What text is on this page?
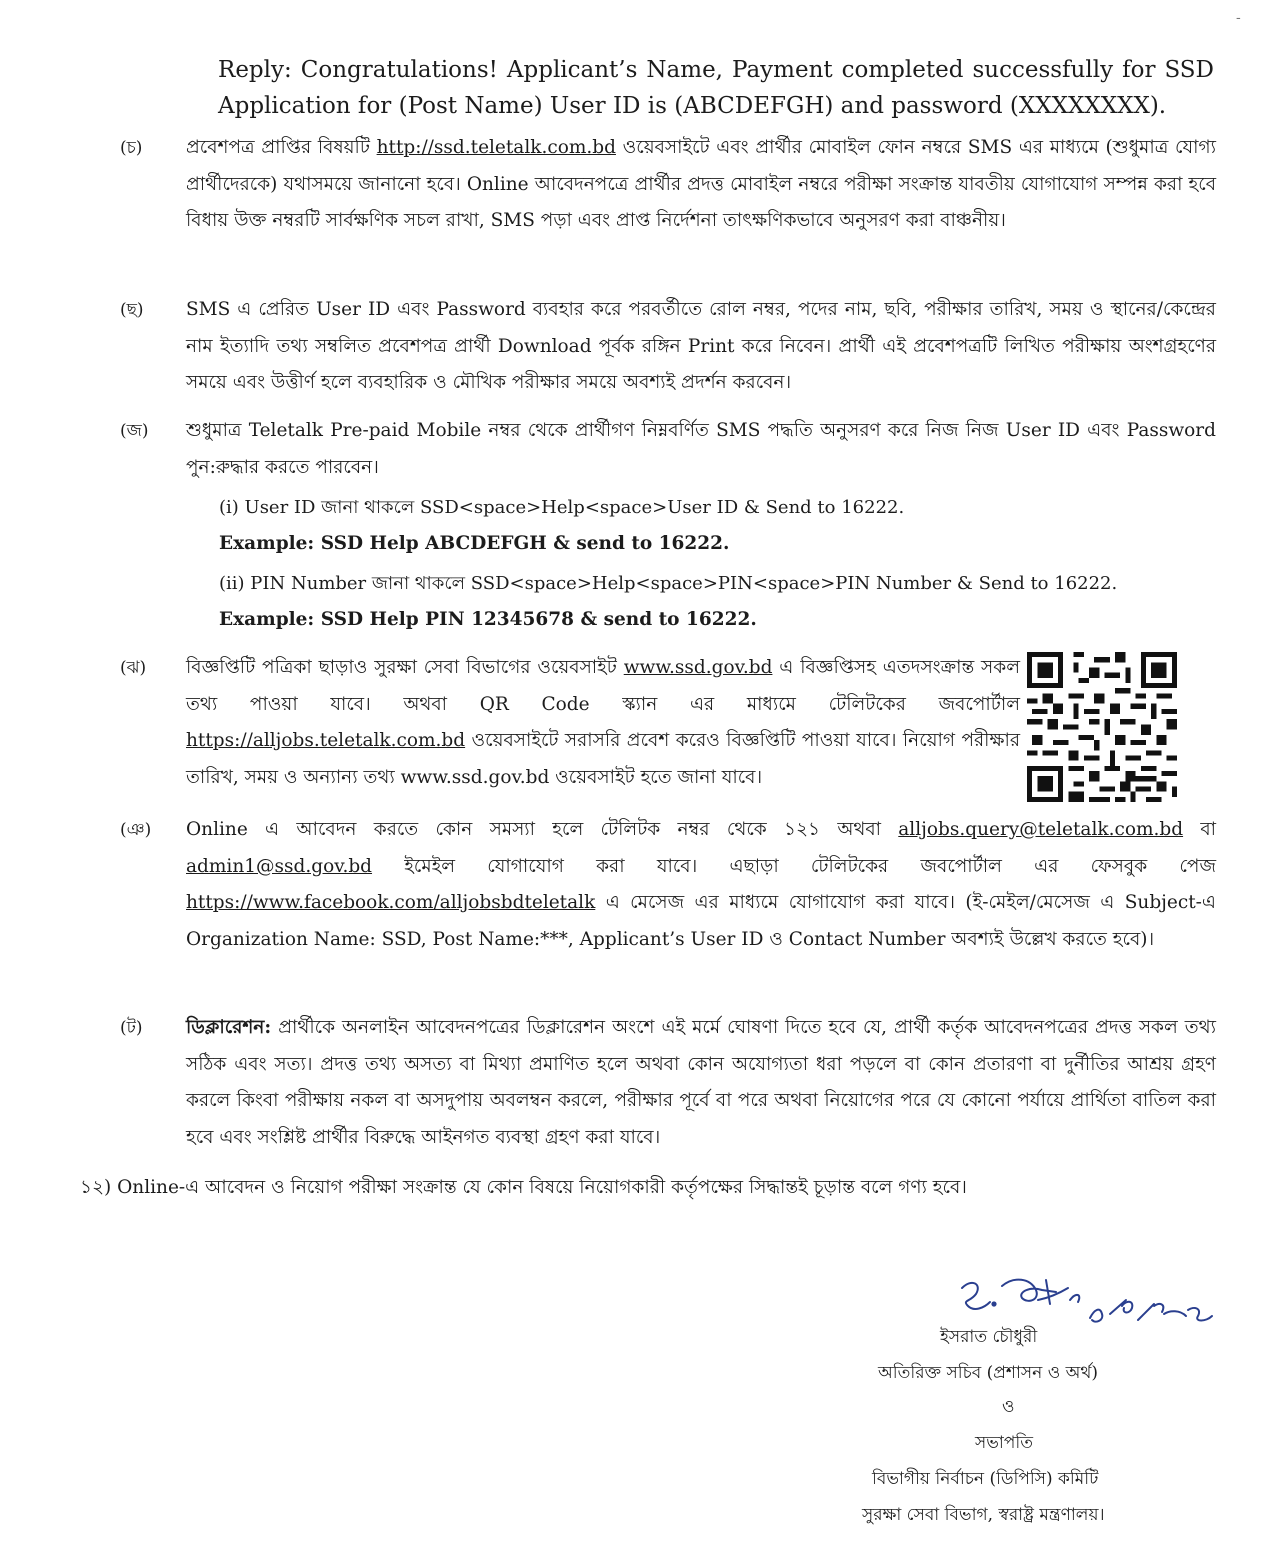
-
Reply: Congratulations! Applicant’s Name, Payment completed successfully for SSD Application for (Post Name) User ID is (ABCDEFGH) and password (XXXXXXXX).
(চ)	প্রবেশপত্র প্রাপ্তির বিষয়টি http://ssd.teletalk.com.bd ওয়েবসাইটে এবং প্রার্থীর মোবাইল ফোন নম্বরে SMS এর মাধ্যমে (শুধুমাত্র যোগ্য প্রার্থীদেরকে) যথাসময়ে জানানো হবে। Online আবেদনপত্রে প্রার্থীর প্রদত্ত মোবাইল নম্বরে পরীক্ষা সংক্রান্ত যাবতীয় যোগাযোগ সম্পন্ন করা হবে বিধায় উক্ত নম্বরটি সার্বক্ষণিক সচল রাখা, SMS পড়া এবং প্রাপ্ত নির্দেশনা তাৎক্ষণিকভাবে অনুসরণ করা বাঞ্চনীয়।
(ছ)	SMS এ প্রেরিত User ID এবং Password ব্যবহার করে পরবর্তীতে রোল নম্বর, পদের নাম, ছবি, পরীক্ষার তারিখ, সময় ও স্থানের/কেন্দ্রের নাম ইত্যাদি তথ্য সম্বলিত প্রবেশপত্র প্রার্থী Download পূর্বক রঙ্গিন Print করে নিবেন। প্রার্থী এই প্রবেশপত্রটি লিখিত পরীক্ষায় অংশগ্রহণের সময়ে এবং উত্তীর্ণ হলে ব্যবহারিক ও মৌখিক পরীক্ষার সময়ে অবশ্যই প্রদর্শন করবেন।
(জ)	শুধুমাত্র Teletalk Pre-paid Mobile নম্বর থেকে প্রার্থীগণ নিম্নবর্ণিত SMS পদ্ধতি অনুসরণ করে নিজ নিজ User ID এবং Password পুন:রুদ্ধার করতে পারবেন।

(i) User ID জানা থাকলে SSD<space>Help<space>User ID & Send to 16222.

Example: SSD Help ABCDEFGH & send to 16222.

(ii) PIN Number জানা থাকলে SSD<space>Help<space>PIN<space>PIN Number & Send to 16222.

Example: SSD Help PIN 12345678 & send to 16222.

(ঝ)	বিজ্ঞপ্তিটি পত্রিকা ছাড়াও সুরক্ষা সেবা বিভাগের ওয়েবসাইট www.ssd.gov.bd এ বিজ্ঞপ্তিসহ এতদসংক্রান্ত সকল তথ্য পাওয়া যাবে। অথবা QR Code স্ক্যান এর মাধ্যমে টেলিটকের জবপোর্টাল https://alljobs.teletalk.com.bd ওয়েবসাইটে সরাসরি প্রবেশ করেও বিজ্ঞপ্তিটি পাওয়া যাবে। নিয়োগ পরীক্ষার তারিখ, সময় ও অন্যান্য তথ্য www.ssd.gov.bd ওয়েবসাইট হতে জানা যাবে।
(ঞ)	Online এ আবেদন করতে কোন সমস্যা হলে টেলিটক নম্বর থেকে ১২১ অথবা alljobs.query@teletalk.com.bd বা admin1@ssd.gov.bd ইমেইল যোগাযোগ করা যাবে। এছাড়া টেলিটকের জবপোর্টাল এর ফেসবুক পেজ https://www.facebook.com/alljobsbdteletalk এ মেসেজ এর মাধ্যমে যোগাযোগ করা যাবে। (ই-মেইল/মেসেজ এ Subject-এ Organization Name: SSD, Post Name:***, Applicant’s User ID ও Contact Number অবশ্যই উল্লেখ করতে হবে)।
(ট)	ডিক্লারেশন: প্রার্থীকে অনলাইন আবেদনপত্রের ডিক্লারেশন অংশে এই মর্মে ঘোষণা দিতে হবে যে, প্রার্থী কর্তৃক আবেদনপত্রের প্রদত্ত সকল তথ্য সঠিক এবং সত্য। প্রদত্ত তথ্য অসত্য বা মিথ্যা প্রমাণিত হলে অথবা কোন অযোগ্যতা ধরা পড়লে বা কোন প্রতারণা বা দুর্নীতির আশ্রয় গ্রহণ করলে কিংবা পরীক্ষায় নকল বা অসদুপায় অবলম্বন করলে, পরীক্ষার পূর্বে বা পরে অথবা নিয়োগের পরে যে কোনো পর্যায়ে প্রার্থিতা বাতিল করা হবে এবং সংশ্লিষ্ট প্রার্থীর বিরুদ্ধে আইনগত ব্যবস্থা গ্রহণ করা যাবে।
১২) Online-এ আবেদন ও নিয়োগ পরীক্ষা সংক্রান্ত যে কোন বিষয়ে নিয়োগকারী কর্তৃপক্ষের সিদ্ধান্তই চূড়ান্ত বলে গণ্য হবে।
ইসরাত চৌধুরী
অতিরিক্ত সচিব (প্রশাসন ও অর্থ)
ও
সভাপতি
বিভাগীয় নির্বাচন (ডিপিসি) কমিটি
সুরক্ষা সেবা বিভাগ, স্বরাষ্ট্র মন্ত্রণালয়।
